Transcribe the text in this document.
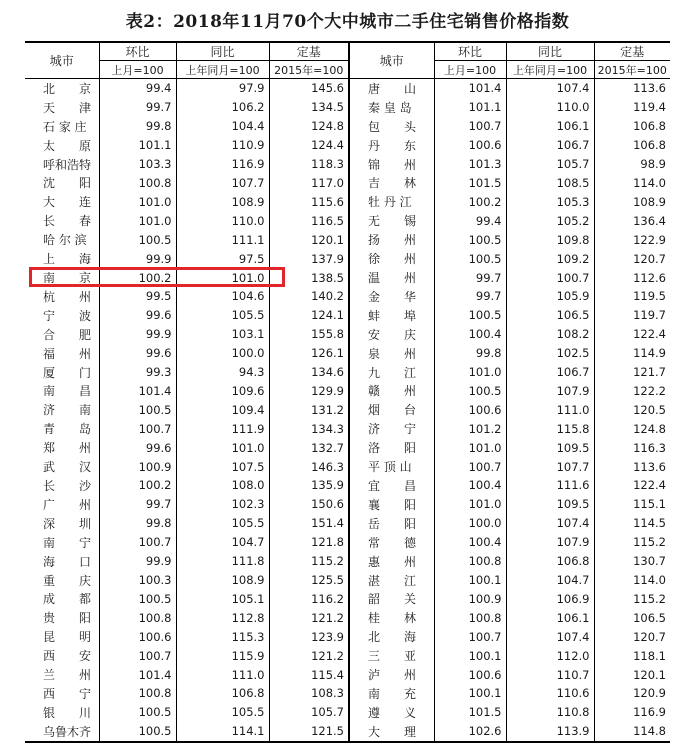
表2：2018年11月70个大中城市二手住宅销售价格指数
城市	环比	同比	定基	城市	环比	同比	定基
	上月=100	上年同月=100	2015年=100		上月=100	上年同月=100	2015年=100
北　　京	99.4	97.9	145.6	唐　　山	101.4	107.4	113.6
天　　津	99.7	106.2	134.5	秦 皇 岛	101.1	110.0	119.4
石 家 庄	99.8	104.4	124.8	包　　头	100.7	106.1	106.8
太　　原	101.1	110.9	124.4	丹　　东	100.6	106.7	106.8
呼和浩特	103.3	116.9	118.3	锦　　州	101.3	105.7	98.9
沈　　阳	100.8	107.7	117.0	吉　　林	101.5	108.5	114.0
大　　连	101.0	108.9	115.6	牡 丹 江	100.2	105.3	108.9
长　　春	101.0	110.0	116.5	无　　锡	99.4	105.2	136.4
哈 尔 滨	100.5	111.1	120.1	扬　　州	100.5	109.8	122.9
上　　海	99.9	97.5	137.9	徐　　州	100.5	109.2	120.7
南　　京	100.2	101.0	138.5	温　　州	99.7	100.7	112.6
杭　　州	99.5	104.6	140.2	金　　华	99.7	105.9	119.5
宁　　波	99.6	105.5	124.1	蚌　　埠	100.5	106.5	119.7
合　　肥	99.9	103.1	155.8	安　　庆	100.4	108.2	122.4
福　　州	99.6	100.0	126.1	泉　　州	99.8	102.5	114.9
厦　　门	99.3	94.3	134.6	九　　江	101.0	106.7	121.7
南　　昌	101.4	109.6	129.9	赣　　州	100.5	107.9	122.2
济　　南	100.5	109.4	131.2	烟　　台	100.6	111.0	120.5
青　　岛	100.7	111.9	134.3	济　　宁	101.2	115.8	124.8
郑　　州	99.6	101.0	132.7	洛　　阳	101.0	109.5	116.3
武　　汉	100.9	107.5	146.3	平 顶 山	100.7	107.7	113.6
长　　沙	100.2	108.0	135.9	宜　　昌	100.4	111.6	122.4
广　　州	99.7	102.3	150.6	襄　　阳	101.0	109.5	115.1
深　　圳	99.8	105.5	151.4	岳　　阳	100.0	107.4	114.5
南　　宁	100.7	104.7	121.8	常　　德	100.4	107.9	115.2
海　　口	99.9	111.8	115.2	惠　　州	100.8	106.8	130.7
重　　庆	100.3	108.9	125.5	湛　　江	100.1	104.7	114.0
成　　都	100.5	105.1	116.2	韶　　关	100.9	106.9	115.2
贵　　阳	100.8	112.8	121.2	桂　　林	100.8	106.1	106.5
昆　　明	100.6	115.3	123.9	北　　海	100.7	107.4	120.7
西　　安	100.7	115.9	121.2	三　　亚	100.1	112.0	118.1
兰　　州	101.4	111.0	115.4	泸　　州	100.6	110.7	120.1
西　　宁	100.8	106.8	108.3	南　　充	100.1	110.6	120.9
银　　川	100.5	105.5	105.7	遵　　义	101.5	110.8	116.9
乌鲁木齐	100.5	114.1	121.5	大　　理	102.6	113.9	114.8
